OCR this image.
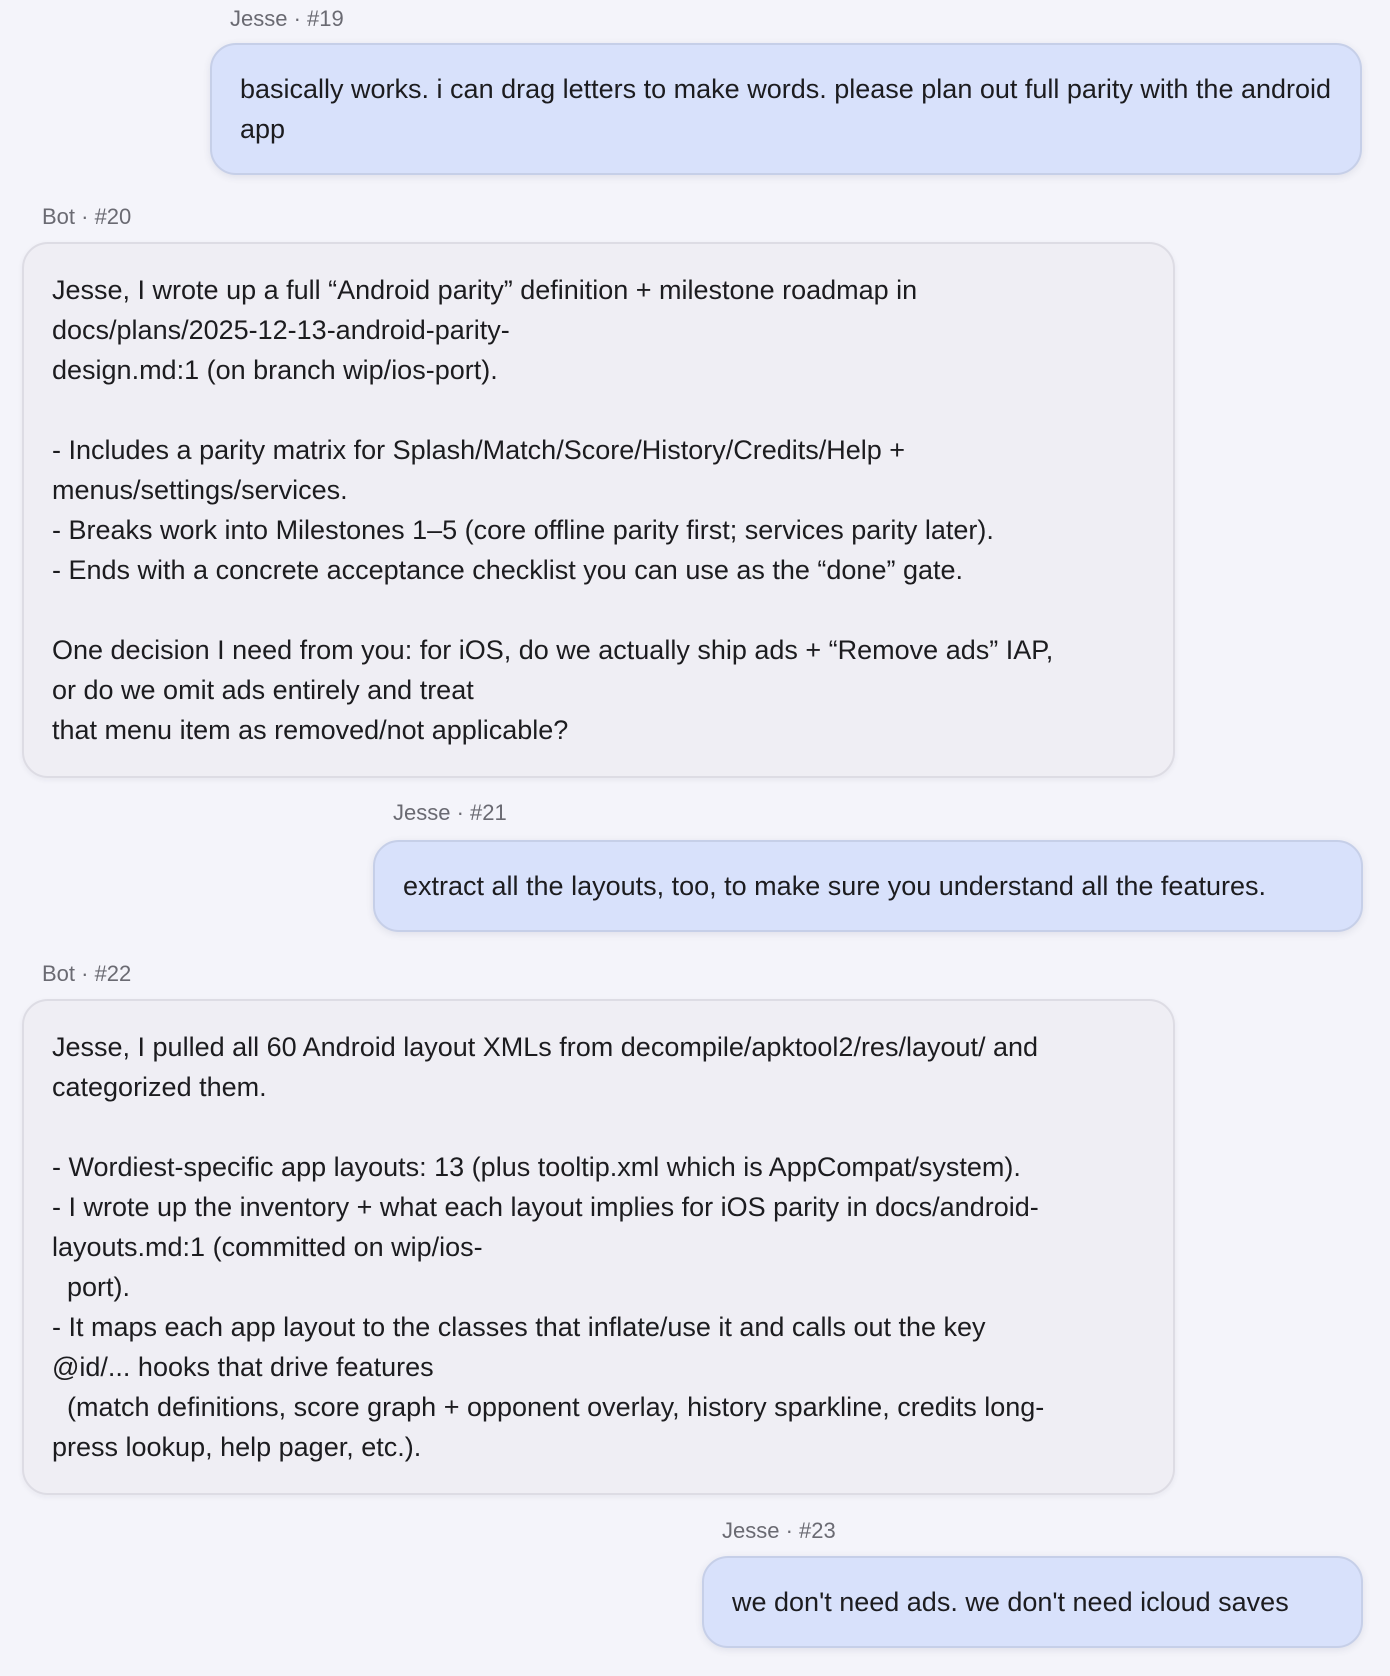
Jesse · #19
basically works. i can drag letters to make words. please plan out full parity with the android app
Bot · #20
Jesse, I wrote up a full “Android parity” definition + milestone roadmap in
docs/plans/2025-12-13-android-parity-
design.md:1 (on branch wip/ios-port).

- Includes a parity matrix for Splash/Match/Score/History/Credits/Help +
menus/settings/services.
- Breaks work into Milestones 1–5 (core offline parity first; services parity later).
- Ends with a concrete acceptance checklist you can use as the “done” gate.

One decision I need from you: for iOS, do we actually ship ads + “Remove ads” IAP,
or do we omit ads entirely and treat
that menu item as removed/not applicable?
Jesse · #21
extract all the layouts, too, to make sure you understand all the features.
Bot · #22
Jesse, I pulled all 60 Android layout XMLs from decompile/apktool2/res/layout/ and
categorized them.

- Wordiest-specific app layouts: 13 (plus tooltip.xml which is AppCompat/system).
- I wrote up the inventory + what each layout implies for iOS parity in docs/android-
layouts.md:1 (committed on wip/ios-
port).
- It maps each app layout to the classes that inflate/use it and calls out the key
@id/... hooks that drive features
(match definitions, score graph + opponent overlay, history sparkline, credits long-
press lookup, help pager, etc.).
Jesse · #23
we don't need ads. we don't need icloud saves
